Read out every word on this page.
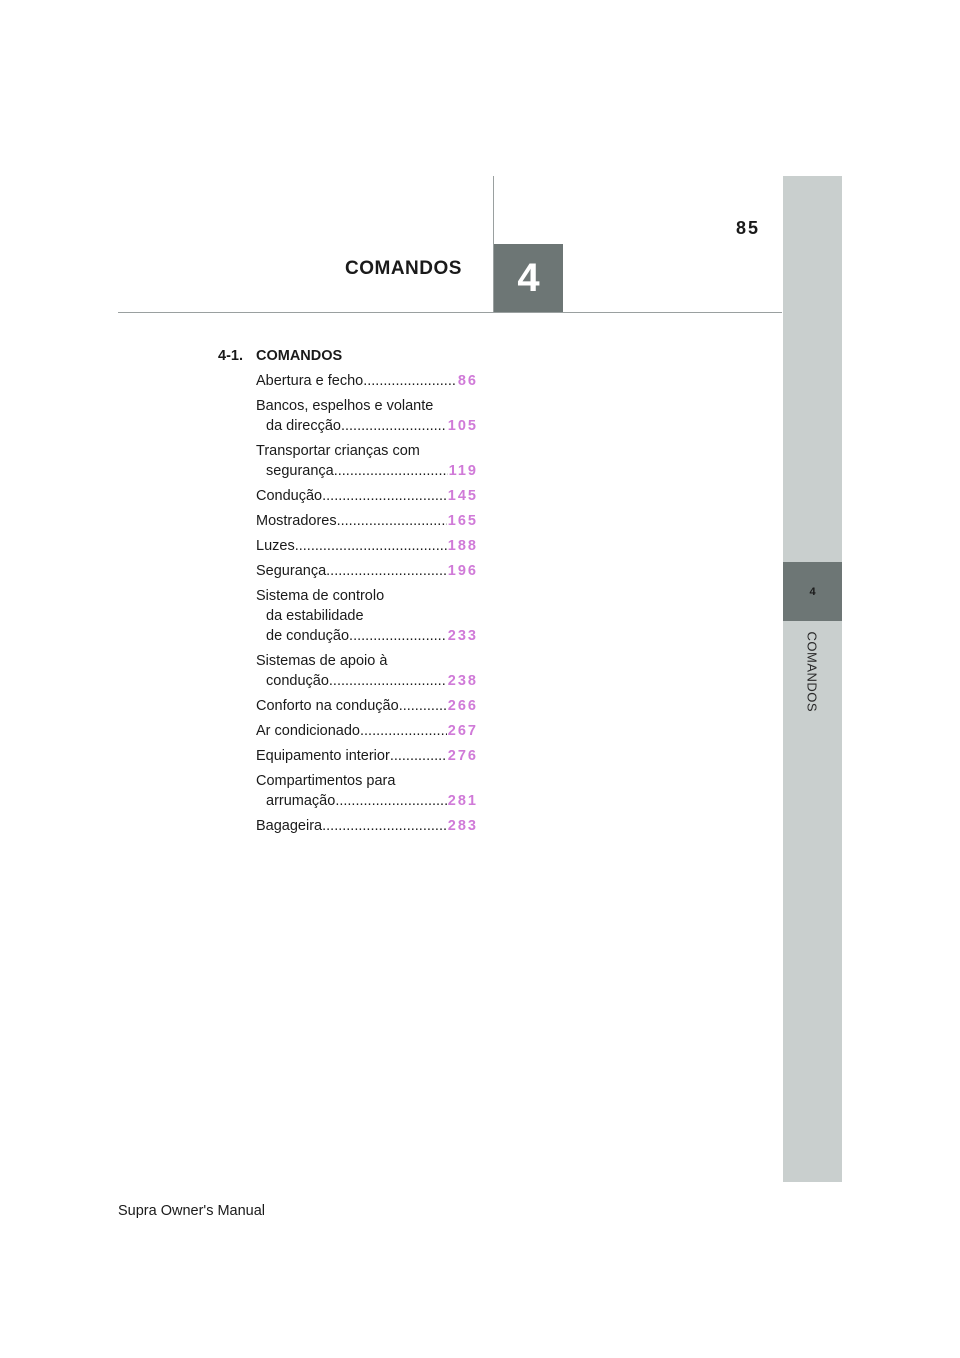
85
COMANDOS	4
4
COMANDOS
4-1. COMANDOS
Abertura e fecho .....	86
Bancos, espelhos e volante
da direcção .....	105
Transportar crianças com
segurança .....	119
Condução .....	145
Mostradores .....	165
Luzes .....	188
Segurança .....	196
Sistema de controlo
da estabilidade
de condução .....	233
Sistemas de apoio à
condução .....	238
Conforto na condução .....	266
Ar condicionado .....	267
Equipamento interior .....	276
Compartimentos para
arrumação .....	281
Bagageira .....	283
Supra Owner's Manual
